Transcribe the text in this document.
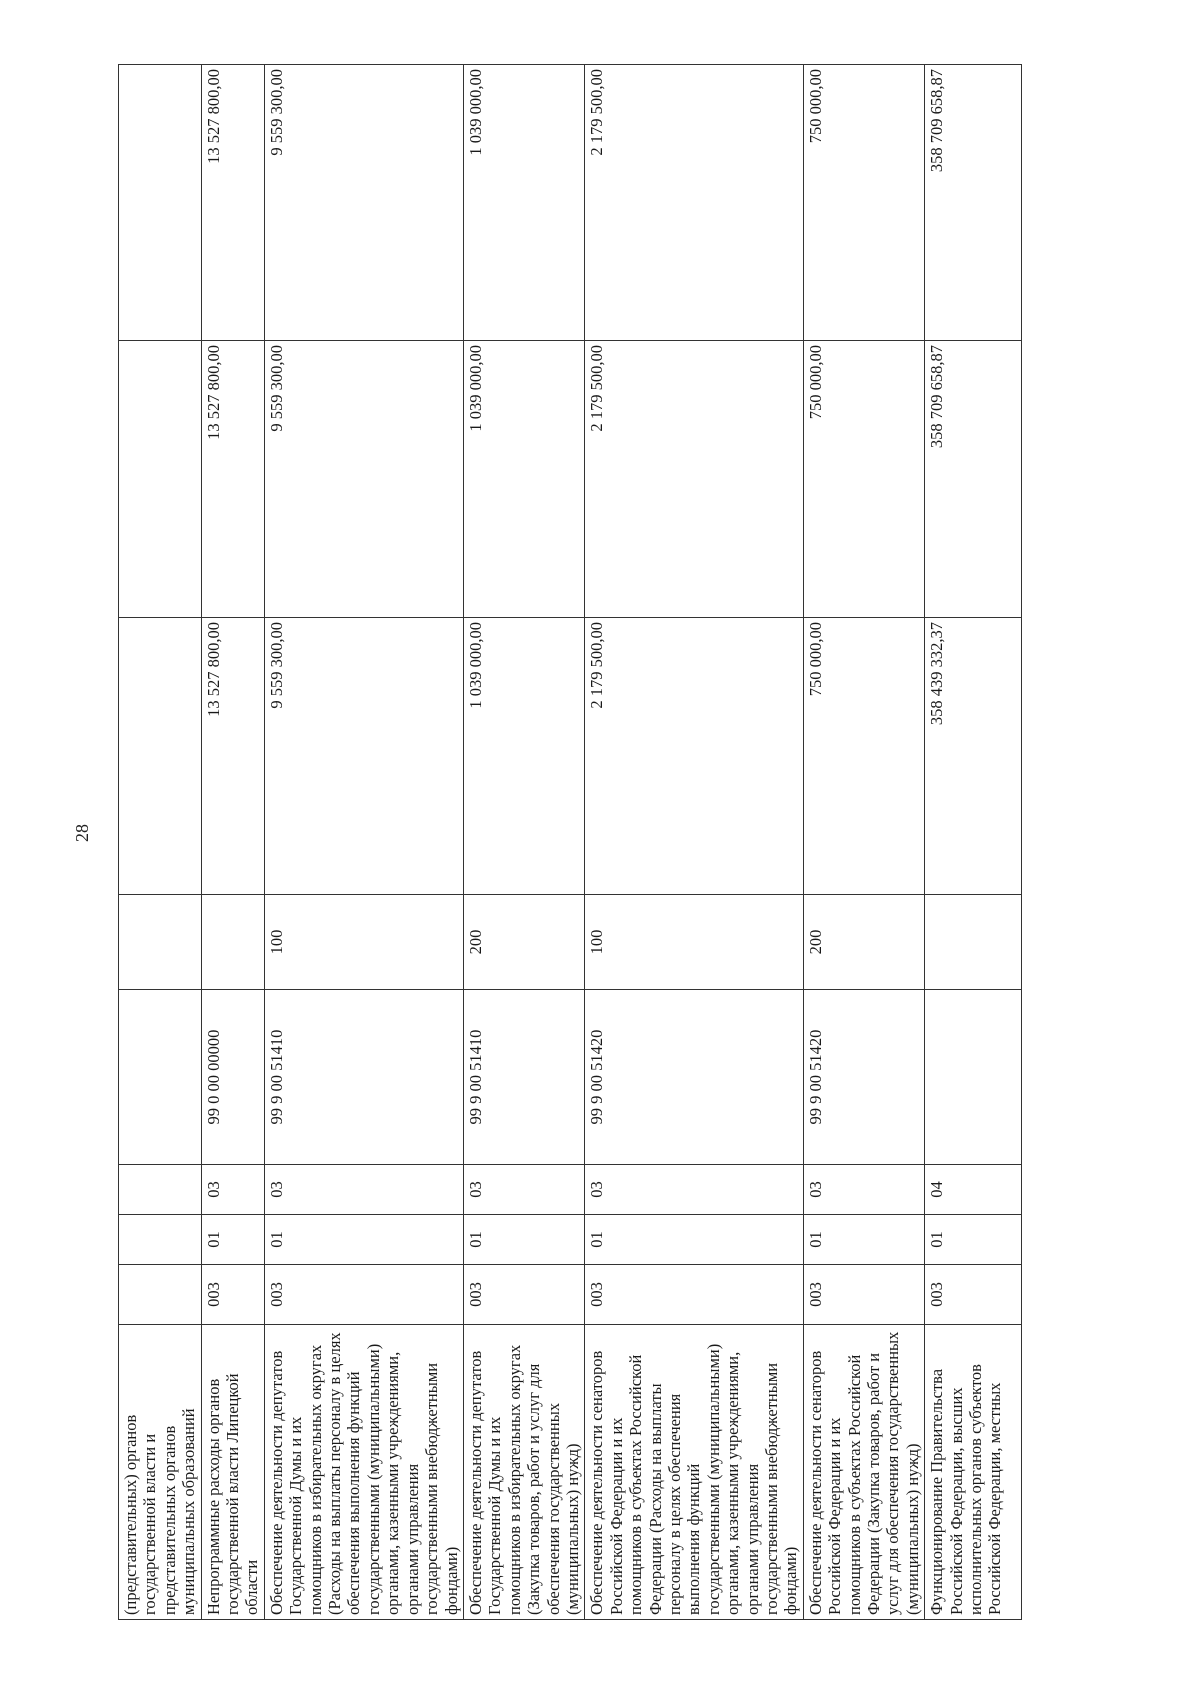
28
(представительных) органов государственной власти и представительных органов муниципальных образований								
Непрограммные расходы органов государственной власти Липецкой области	003	01	03	99 0 00 00000		13 527 800,00	13 527 800,00	13 527 800,00
Обеспечение деятельности депутатов Государственной Думы и их помощников в избирательных округах (Расходы на выплаты персоналу в целях обеспечения выполнения функций государственными (муниципальными) органами, казенными учреждениями, органами управления государственными внебюджетными фондами)	003	01	03	99 9 00 51410	100	9 559 300,00	9 559 300,00	9 559 300,00
Обеспечение деятельности депутатов Государственной Думы и их помощников в избирательных округах (Закупка товаров, работ и услуг для обеспечения государственных (муниципальных) нужд)	003	01	03	99 9 00 51410	200	1 039 000,00	1 039 000,00	1 039 000,00
Обеспечение деятельности сенаторов Российской Федерации и их помощников в субъектах Российской Федерации (Расходы на выплаты персоналу в целях обеспечения выполнения функций государственными (муниципальными) органами, казенными учреждениями, органами управления государственными внебюджетными фондами)	003	01	03	99 9 00 51420	100	2 179 500,00	2 179 500,00	2 179 500,00
Обеспечение деятельности сенаторов Российской Федерации и их помощников в субъектах Российской Федерации (Закупка товаров, работ и услуг для обеспечения государственных (муниципальных) нужд)	003	01	03	99 9 00 51420	200	750 000,00	750 000,00	750 000,00
Функционирование Правительства Российской Федерации, высших исполнительных органов субъектов Российской Федерации, местных	003	01	04			358 439 332,37	358 709 658,87	358 709 658,87
